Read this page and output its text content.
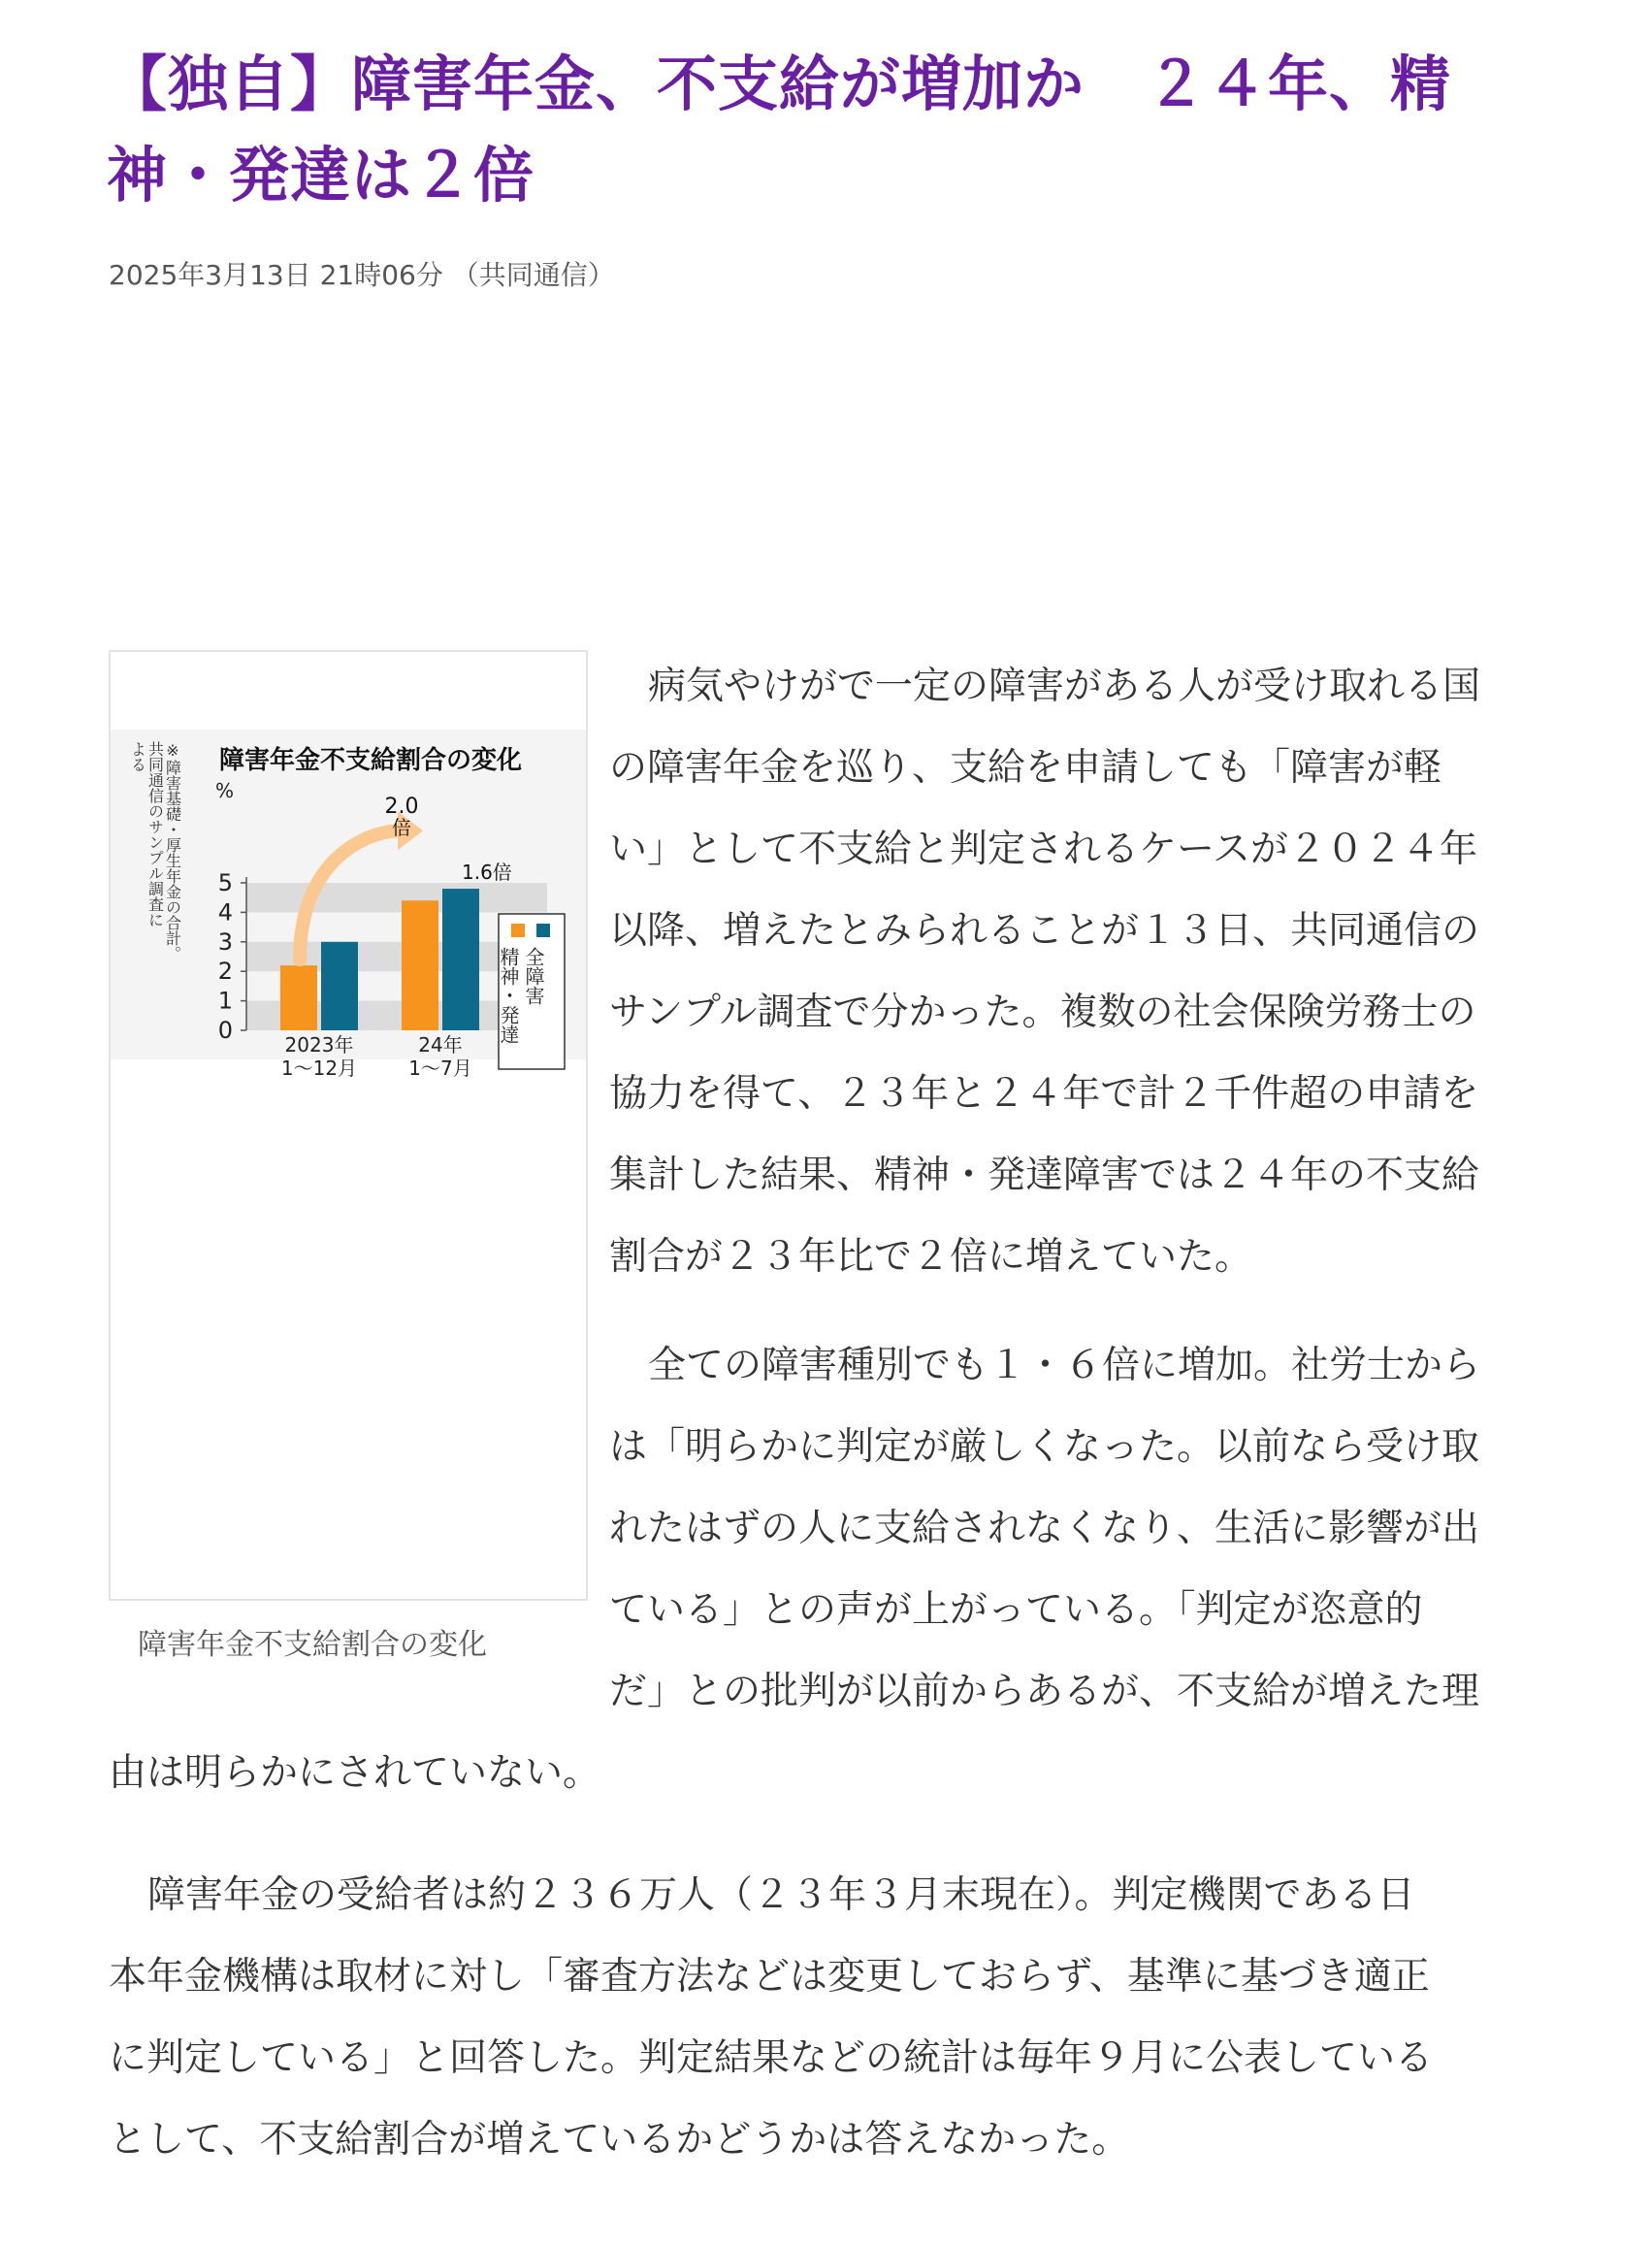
【独自】障害年金、不支給が増加か　２４年、精
神・発達は２倍
2025年3月13日 21時06分 （共同通信）
※障害基礎・厚生年金の合計。
共同通信のサンプル調査に
よる	障害年金不支給割合の変化
%
0
1
2
3
4
5
2023年
1～12月
24年
1～7月
2.0
倍
1.6倍
精神・発達 全障害
障害年金不支給割合の変化

病気やけがで一定の障害がある人が受け取れる国
の障害年金を巡り、支給を申請しても「障害が軽
い」として不支給と判定されるケースが２０２４年
以降、増えたとみられることが１３日、共同通信の
サンプル調査で分かった。複数の社会保険労務士の
協力を得て、２３年と２４年で計２千件超の申請を
集計した結果、精神・発達障害では２４年の不支給
割合が２３年比で２倍に増えていた。

全ての障害種別でも１・６倍に増加。社労士から
は「明らかに判定が厳しくなった。以前なら受け取
れたはずの人に支給されなくなり、生活に影響が出
ている」との声が上がっている。「判定が恣意的
だ」との批判が以前からあるが、不支給が増えた理

由は明らかにされていない。

障害年金の受給者は約２３６万人（２３年３月末現在）。判定機関である日
本年金機構は取材に対し「審査方法などは変更しておらず、基準に基づき適正
に判定している」と回答した。判定結果などの統計は毎年９月に公表している
として、不支給割合が増えているかどうかは答えなかった。
